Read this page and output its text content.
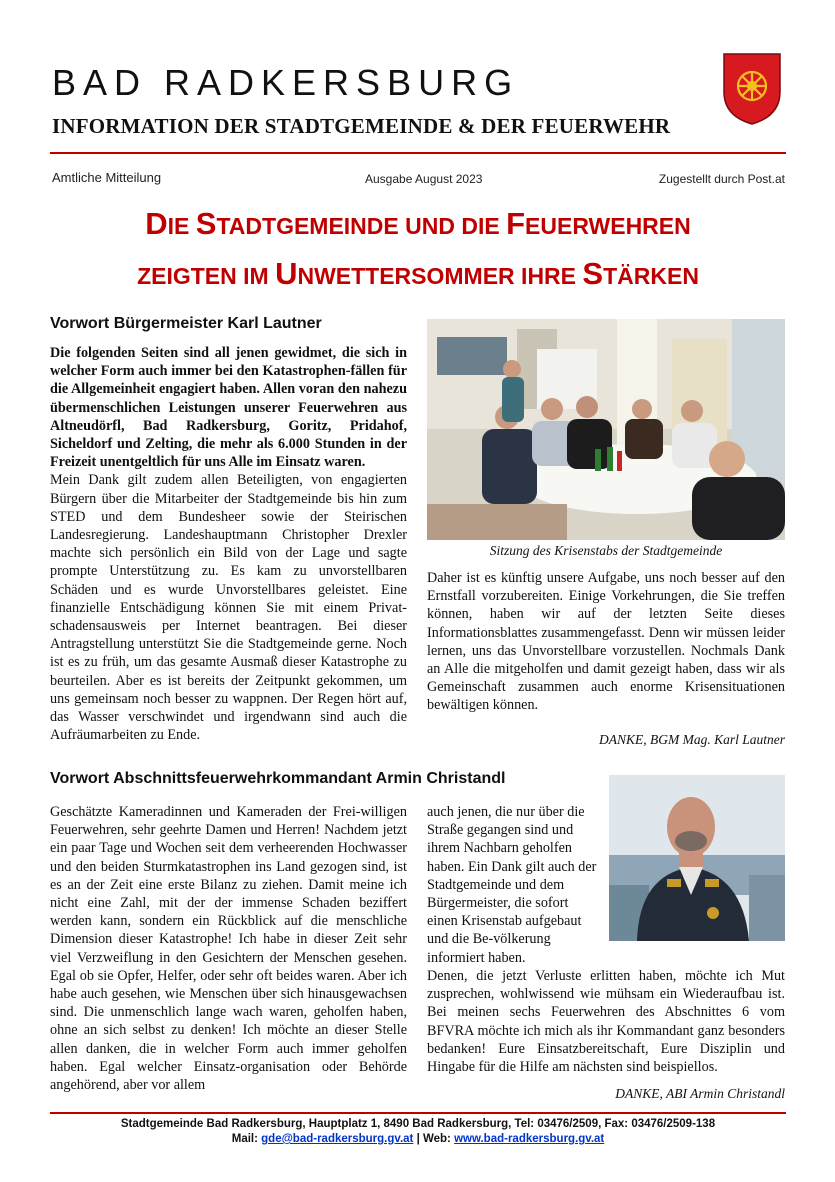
BAD RADKERSBURG
INFORMATION DER STADTGEMEINDE & DER FEUERWEHR
Amtliche Mitteilung	Ausgabe August 2023	Zugestellt durch Post.at
DIE STADTGEMEINDE UND DIE FEUERWEHREN
ZEIGTEN IM UNWETTERSOMMER IHRE STÄRKEN
Vorwort Bürgermeister Karl Lautner

Die folgenden Seiten sind all jenen gewidmet, die sich in welcher Form auch immer bei den Katastrophen-fällen für die Allgemeinheit engagiert haben. Allen voran den nahezu übermenschlichen Leistungen unserer Feuerwehren aus Altneudörfl, Bad Radkersburg, Goritz, Pridahof, Sicheldorf und Zelting, die mehr als 6.000 Stunden in der Freizeit unentgeltlich für uns Alle im Einsatz waren.

Mein Dank gilt zudem allen Beteiligten, von engagierten Bürgern über die Mitarbeiter der Stadtgemeinde bis hin zum STED und dem Bundesheer sowie der Steirischen Landesregierung. Landeshauptmann Christopher Drexler machte sich persönlich ein Bild von der Lage und sagte prompte Unterstützung zu. Es kam zu unvorstellbaren Schäden und es wurde Unvorstellbares geleistet. Eine finanzielle Entschädigung können Sie mit einem Privat-schadensausweis per Internet beantragen. Bei dieser Antragstellung unterstützt Sie die Stadtgemeinde gerne. Noch ist es zu früh, um das gesamte Ausmaß dieser Katastrophe zu beurteilen. Aber es ist bereits der Zeitpunkt gekommen, um uns gemeinsam noch besser zu wappnen. Der Regen hört auf, das Wasser verschwindet und irgendwann sind auch die Aufräumarbeiten zu Ende.

Sitzung des Krisenstabs der Stadtgemeinde

Daher ist es künftig unsere Aufgabe, uns noch besser auf den Ernstfall vorzubereiten. Einige Vorkehrungen, die Sie treffen können, haben wir auf der letzten Seite dieses Informationsblattes zusammengefasst. Denn wir müssen leider lernen, uns das Unvorstellbare vorzustellen. Nochmals Dank an Alle die mitgeholfen und damit gezeigt haben, dass wir als Gemeinschaft zusammen auch enorme Krisensituationen bewältigen können.

DANKE, BGM Mag. Karl Lautner
Vorwort Abschnittsfeuerwehrkommandant Armin Christandl

Geschätzte Kameradinnen und Kameraden der Frei-willigen Feuerwehren, sehr geehrte Damen und Herren! Nachdem jetzt ein paar Tage und Wochen seit dem verheerenden Hochwasser und den beiden Sturmkatastrophen ins Land gezogen sind, ist es an der Zeit eine erste Bilanz zu ziehen. Damit meine ich nicht eine Zahl, mit der der immense Schaden beziffert werden kann, sondern ein Rückblick auf die menschliche Dimension dieser Katastrophe! Ich habe in dieser Zeit sehr viel Verzweiflung in den Gesichtern der Menschen gesehen. Egal ob sie Opfer, Helfer, oder sehr oft beides waren. Aber ich habe auch gesehen, wie Menschen über sich hinausgewachsen sind. Die unmenschlich lange wach waren, geholfen haben, ohne an sich selbst zu denken! Ich möchte an dieser Stelle allen danken, die in welcher Form auch immer geholfen haben. Egal welcher Einsatz-organisation oder Behörde angehörend, aber vor allem

auch jenen, die nur über die Straße gegangen sind und ihrem Nachbarn geholfen haben. Ein Dank gilt auch der Stadtgemeinde und dem Bürgermeister, die sofort einen Krisenstab aufgebaut und die Be-völkerung informiert haben.

Denen, die jetzt Verluste erlitten haben, möchte ich Mut zusprechen, wohlwissend wie mühsam ein Wiederaufbau ist. Bei meinen sechs Feuerwehren des Abschnittes 6 vom BFVRA möchte ich mich als ihr Kommandant ganz besonders bedanken! Eure Einsatzbereitschaft, Eure Disziplin und Hingabe für die Hilfe am nächsten sind beispiellos.

DANKE, ABI Armin Christandl
Stadtgemeinde Bad Radkersburg, Hauptplatz 1, 8490 Bad Radkersburg, Tel: 03476/2509, Fax: 03476/2509-138
Mail: gde@bad-radkersburg.gv.at | Web: www.bad-radkersburg.gv.at
